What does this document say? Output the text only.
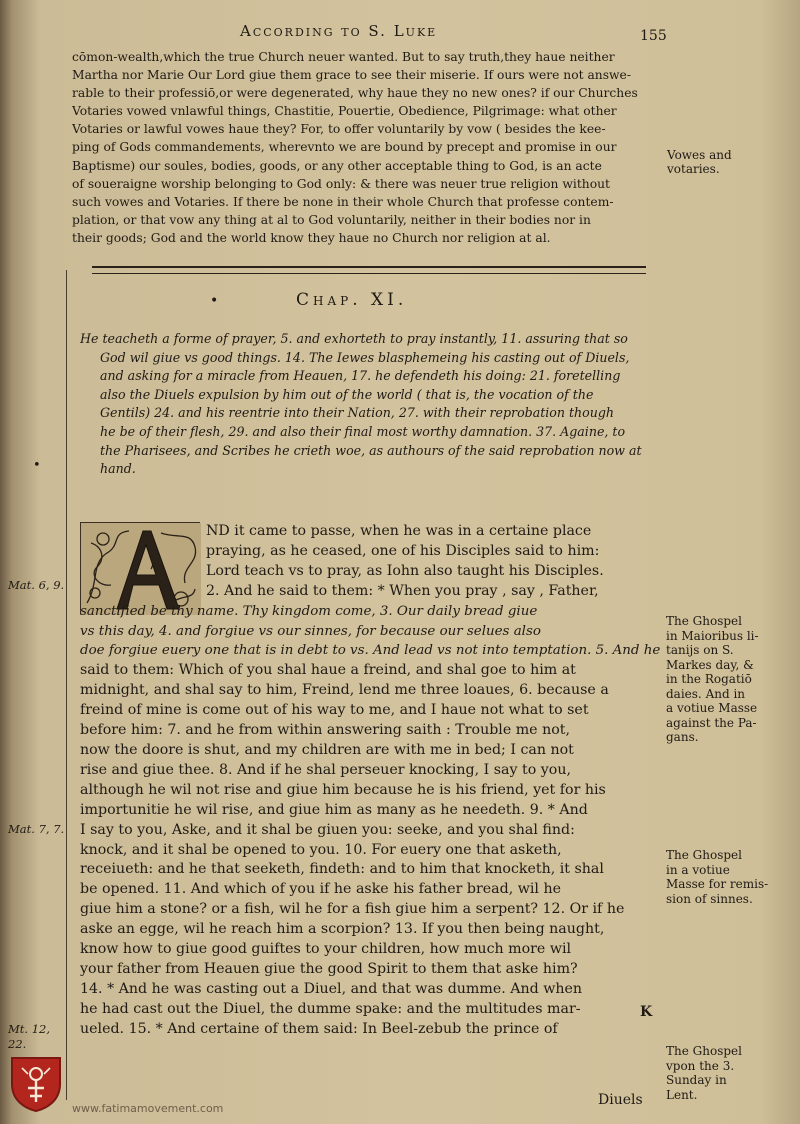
According to S. Luke	155
cōmon-wealth,which the true Church neuer wanted. But to say truth,they haue neither
Martha nor Marie Our Lord giue them grace to see their miserie. If ours were not answe-
rable to their professiō,or were degenerated, why haue they no new ones? if our Churches
Votaries vowed vnlawful things, Chastitie, Pouertie, Obedience, Pilgrimage: what other
Votaries or lawful vowes haue they? For, to offer voluntarily by vow ( besides the kee-
ping of Gods commandements, wherevnto we are bound by precept and promise in our
Baptisme) our soules, bodies, goods, or any other acceptable thing to God, is an acte
of soueraigne worship belonging to God only: & there was neuer true religion without
such vowes and Votaries. If there be none in their whole Church that professe contem-
plation, or that vow any thing at al to God voluntarily, neither in their bodies nor in
their goods; God and the world know they haue no Church nor religion at al.
Vowes and votaries.
•	Chap. XI.
He teacheth a forme of prayer, 5. and exhorteth to pray instantly, 11. assuring that so
God wil giue vs good things. 14. The Iewes blasphemeing his casting out of Diuels,
and asking for a miracle from Heauen, 17. he defendeth his doing: 21. foretelling
also the Diuels expulsion by him out of the world ( that is, the vocation of the
Gentils) 24. and his reentrie into their Nation, 27. with their reprobation though
he be of their flesh, 29. and also their final most worthy damnation. 37. Againe, to
the Pharisees, and Scribes he crieth woe, as authours of the said reprobation now at
hand.
•
ND it came to passe, when he was in a certaine place
praying, as he ceased, one of his Disciples said to him:
Lord teach vs to pray, as Iohn also taught his Disciples.
2. And he said to them: * When you pray , say , Father,
sanctified be thy name. Thy kingdom come, 3. Our daily bread giue
vs this day, 4. and forgiue vs our sinnes, for because our selues also
doe forgiue euery one that is in debt to vs. And lead vs not into temptation. 5. And he
said to them: Which of you shal haue a freind, and shal goe to him at
midnight, and shal say to him, Freind, lend me three loaues, 6. because a
freind of mine is come out of his way to me, and I haue not what to set
before him: 7. and he from within answering saith : Trouble me not,
now the doore is shut, and my children are with me in bed; I can not
rise and giue thee. 8. And if he shal perseuer knocking, I say to you,
although he wil not rise and giue him because he is his friend, yet for his
importunitie he wil rise, and giue him as many as he needeth. 9. * And
I say to you, Aske, and it shal be giuen you: seeke, and you shal find:
knock, and it shal be opened to you. 10. For euery one that asketh,
receiueth: and he that seeketh, findeth: and to him that knocketh, it shal
be opened. 11. And which of you if he aske his father bread, wil he
giue him a stone? or a fish, wil he for a fish giue him a serpent? 12. Or if he
aske an egge, wil he reach him a scorpion? 13. If you then being naught,
know how to giue good guiftes to your children, how much more wil
your father from Heauen giue the good Spirit to them that aske him?
14. * And he was casting out a Diuel, and that was dumme. And when
he had cast out the Diuel, the dumme spake: and the multitudes mar-
ueled. 15. * And certaine of them said: In Beel-zebub the prince of
Mat. 6, 9.
Mat. 7, 7.
Mt. 12, 22.
The Ghospel
in Maioribus li-
tanijs on S.
Markes day, &
in the Rogatiō
daies. And in
a votiue Masse
against the Pa-
gans.
The Ghospel
in a votiue
Masse for remis-
sion of sinnes.
The Ghospel
vpon the 3.
Sunday in
Lent.
K
Diuels
www.fatimamovement.com
